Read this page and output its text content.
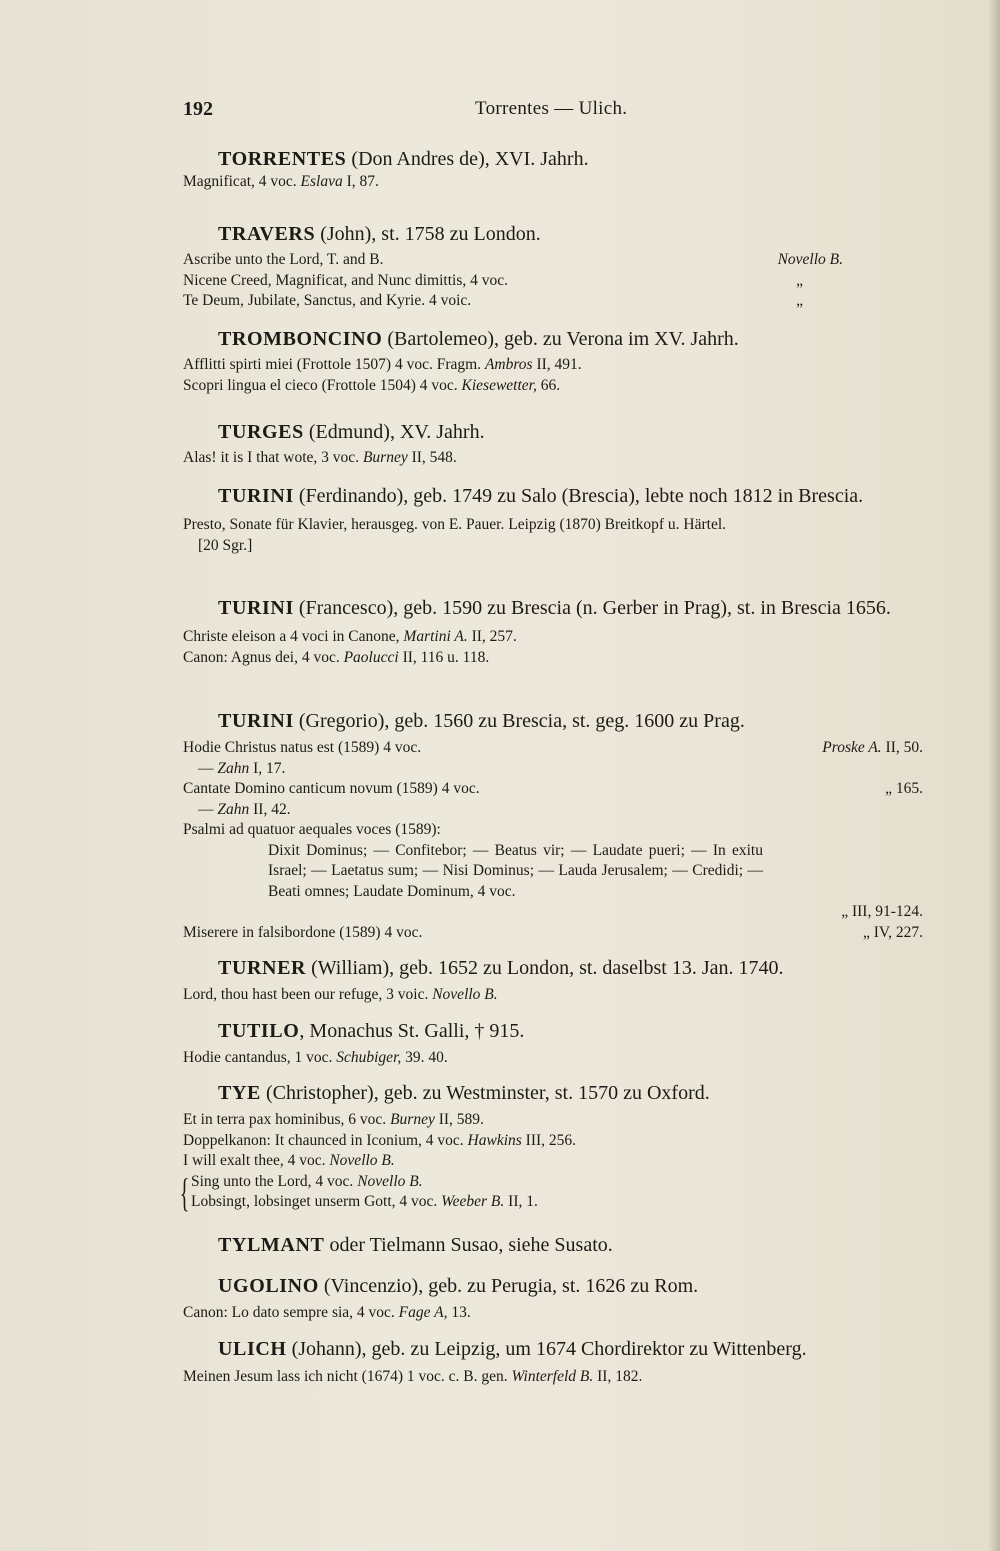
192	Torrentes — Ulich.
TORRENTES (Don Andres de), XVI. Jahrh.
Magnificat, 4 voc. Eslava I, 87.
TRAVERS (John), st. 1758 zu London.
Ascribe unto the Lord, T. and B.	Novello B.
Nicene Creed, Magnificat, and Nunc dimittis, 4 voc.	„
Te Deum, Jubilate, Sanctus, and Kyrie. 4 voic.	„
TROMBONCINO (Bartolemeo), geb. zu Verona im XV. Jahrh.
Afflitti spirti miei (Frottole 1507) 4 voc. Fragm. Ambros II, 491.
Scopri lingua el cieco (Frottole 1504) 4 voc. Kiesewetter, 66.
TURGES (Edmund), XV. Jahrh.
Alas! it is I that wote, 3 voc. Burney II, 548.
TURINI (Ferdinando), geb. 1749 zu Salo (Brescia), lebte noch 1812 in Brescia.
Presto, Sonate für Klavier, herausgeg. von E. Pauer. Leipzig (1870) Breitkopf u. Härtel.
[20 Sgr.]
TURINI (Francesco), geb. 1590 zu Brescia (n. Gerber in Prag), st. in Brescia 1656.
Christe eleison a 4 voci in Canone, Martini A. II, 257.
Canon: Agnus dei, 4 voc. Paolucci II, 116 u. 118.
TURINI (Gregorio), geb. 1560 zu Brescia, st. geg. 1600 zu Prag.
Hodie Christus natus est (1589) 4 voc.	Proske A. II, 50.
— Zahn I, 17.
Cantate Domino canticum novum (1589) 4 voc.	„ 165.
— Zahn II, 42.
Psalmi ad quatuor aequales voces (1589):
Dixit Dominus; — Confitebor; — Beatus vir; — Laudate pueri; — In exitu Israel; — Laetatus sum; — Nisi Dominus; — Lauda Jerusalem; — Credidi; — Beati omnes; Laudate Dominum, 4 voc.
„ III, 91-124.
Miserere in falsibordone (1589) 4 voc.	„ IV, 227.
TURNER (William), geb. 1652 zu London, st. daselbst 13. Jan. 1740.
Lord, thou hast been our refuge, 3 voic. Novello B.
TUTILO, Monachus St. Galli, † 915.
Hodie cantandus, 1 voc. Schubiger, 39. 40.
TYE (Christopher), geb. zu Westminster, st. 1570 zu Oxford.
Et in terra pax hominibus, 6 voc. Burney II, 589.
Doppelkanon: It chaunced in Iconium, 4 voc. Hawkins III, 256.
I will exalt thee, 4 voc. Novello B.
{ Sing unto the Lord, 4 voc. Novello B.
Lobsingt, lobsinget unserm Gott, 4 voc. Weeber B. II, 1.
TYLMANT oder Tielmann Susao, siehe Susato.
UGOLINO (Vincenzio), geb. zu Perugia, st. 1626 zu Rom.
Canon: Lo dato sempre sia, 4 voc. Fage A, 13.
ULICH (Johann), geb. zu Leipzig, um 1674 Chordirektor zu Wittenberg.
Meinen Jesum lass ich nicht (1674) 1 voc. c. B. gen. Winterfeld B. II, 182.
